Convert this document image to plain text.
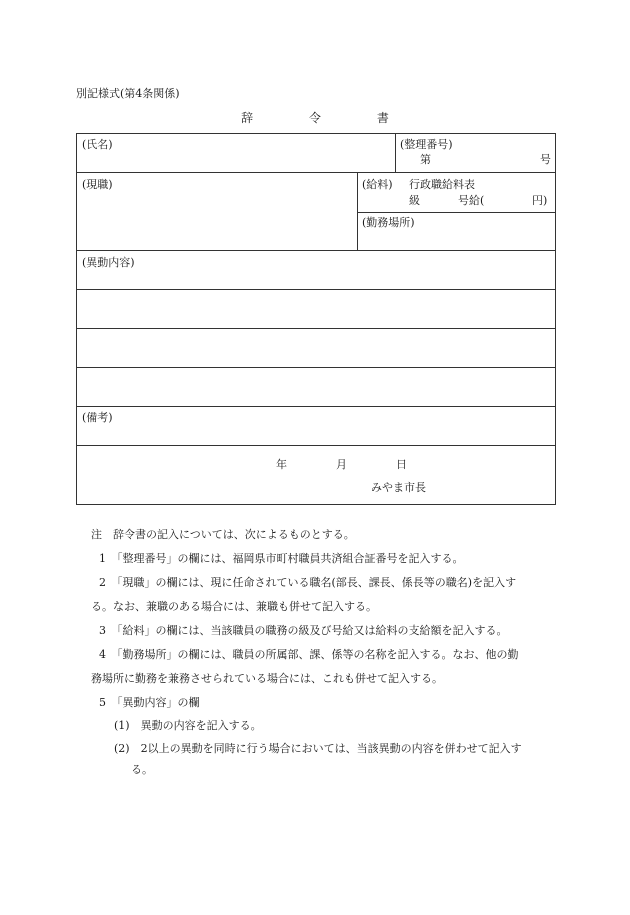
別記様式(第4条関係)
辞	令	書
(氏名)	(整理番号)
第	号
(現職)	(給料) 行政職給料表
級	号給(	円)
(勤務場所)
(異動内容)
(備考)
年	月	日
みやま市長
注　辞令書の記入については、次によるものとする。
1　「整理番号」の欄には、福岡県市町村職員共済組合証番号を記入する。
2　「現職」の欄には、現に任命されている職名(部長、課長、係長等の職名)を記入す
る。なお、兼職のある場合には、兼職も併せて記入する。
3　「給料」の欄には、当該職員の職務の級及び号給又は給料の支給額を記入する。
4　「勤務場所」の欄には、職員の所属部、課、係等の名称を記入する。なお、他の勤
務場所に勤務を兼務させられている場合には、これも併せて記入する。
5　「異動内容」の欄
(1)　異動の内容を記入する。
(2)　2以上の異動を同時に行う場合においては、当該異動の内容を併わせて記入す
る。
